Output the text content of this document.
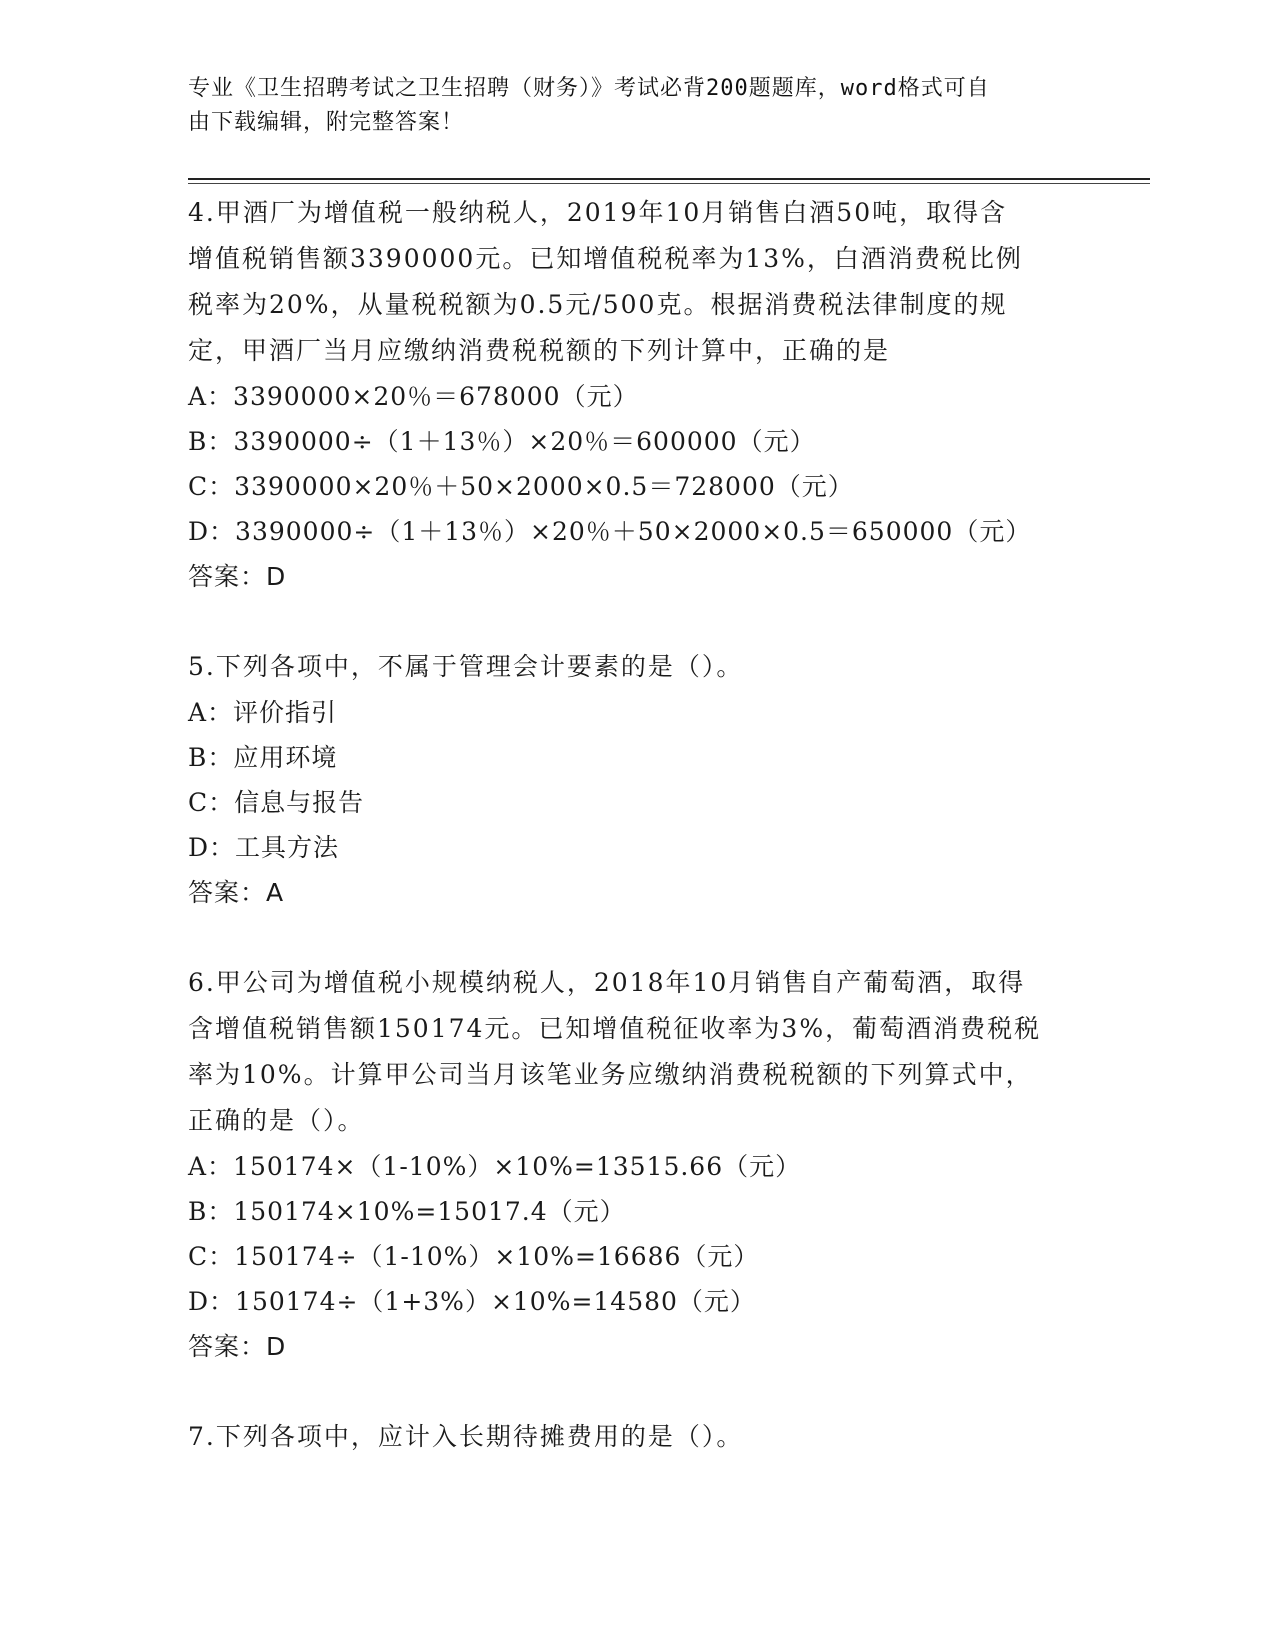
专业《卫生招聘考试之卫生招聘（财务）》考试必背200题题库，word格式可自
由下载编辑，附完整答案！

4.甲酒厂为增值税一般纳税人，2019年10月销售白酒50吨，取得含

增值税销售额3390000元。已知增值税税率为13%，白酒消费税比例

税率为20%，从量税税额为0.5元/500克。根据消费税法律制度的规

定，甲酒厂当月应缴纳消费税税额的下列计算中，正确的是

A：3390000×20％＝678000（元）

B：3390000÷（1＋13％）×20％＝600000（元）

C：3390000×20％＋50×2000×0.5＝728000（元）

D：3390000÷（1＋13％）×20％＋50×2000×0.5＝650000（元）

答案：D

5.下列各项中，不属于管理会计要素的是（）。

A：评价指引

B：应用环境

C：信息与报告

D：工具方法

答案：A

6.甲公司为增值税小规模纳税人，2018年10月销售自产葡萄酒，取得

含增值税销售额150174元。已知增值税征收率为3%，葡萄酒消费税税

率为10%。计算甲公司当月该笔业务应缴纳消费税税额的下列算式中，

正确的是（）。

A：150174×（1-10%）×10%=13515.66（元）

B：150174×10%=15017.4（元）

C：150174÷（1-10%）×10%=16686（元）

D：150174÷（1+3%）×10%=14580（元）

答案：D

7.下列各项中，应计入长期待摊费用的是（）。
